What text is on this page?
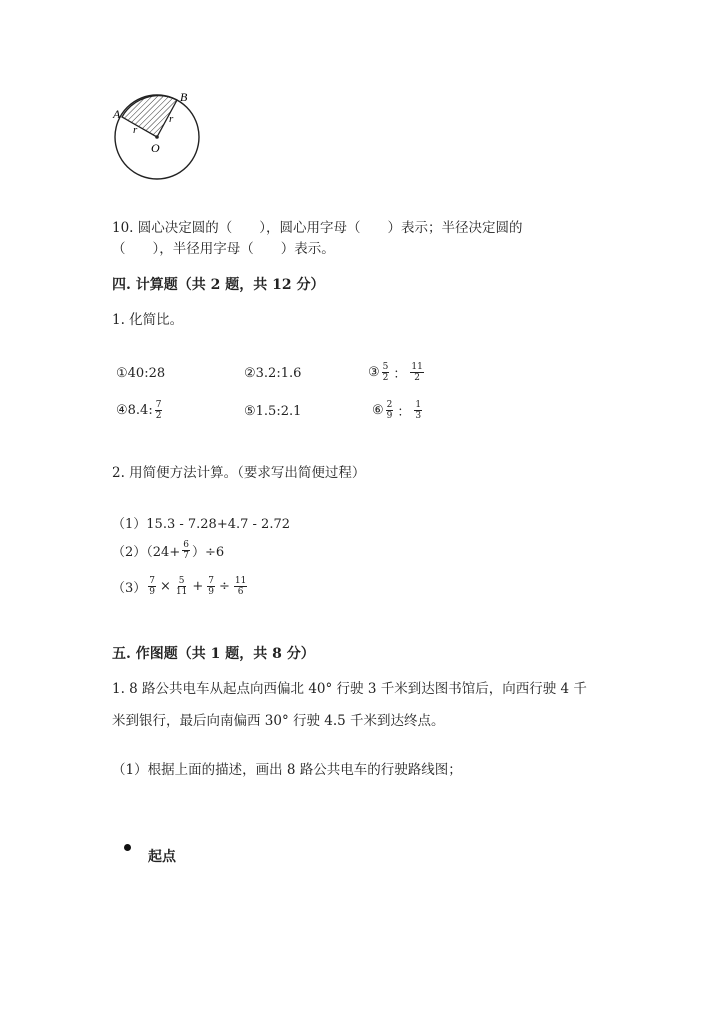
A
B
O
r
r
10. 圆心决定圆的（　　），圆心用字母（　　）表示；半径决定圆的
（　　），半径用字母（　　）表示。
四. 计算题（共 2 题，共 12 分）
1. 化简比。
①40:28	②3.2:1.6	③ $\frac{5}{2}$ ： $\frac{11}{2}$
④8.4: $\frac{7}{2}$	⑤1.5:2.1	⑥ $\frac{2}{9}$ ： $\frac{1}{3}$
2. 用简便方法计算。（要求写出简便过程）
（1）15.3 - 7.28+4.7 - 2.72
$(2)(24+ \frac{6}{7} )\div 6$
$(3) \frac{7}{9} \times \frac{5}{11} + \frac{7}{9} \div \frac{11}{6}$
五. 作图题（共 1 题，共 8 分）
1. 8 路公共电车从起点向西偏北 40° 行驶 3 千米到达图书馆后，向西行驶 4 千
米到银行，最后向南偏西 30° 行驶 4.5 千米到达终点。
（1）根据上面的描述，画出 8 路公共电车的行驶路线图；
起点
